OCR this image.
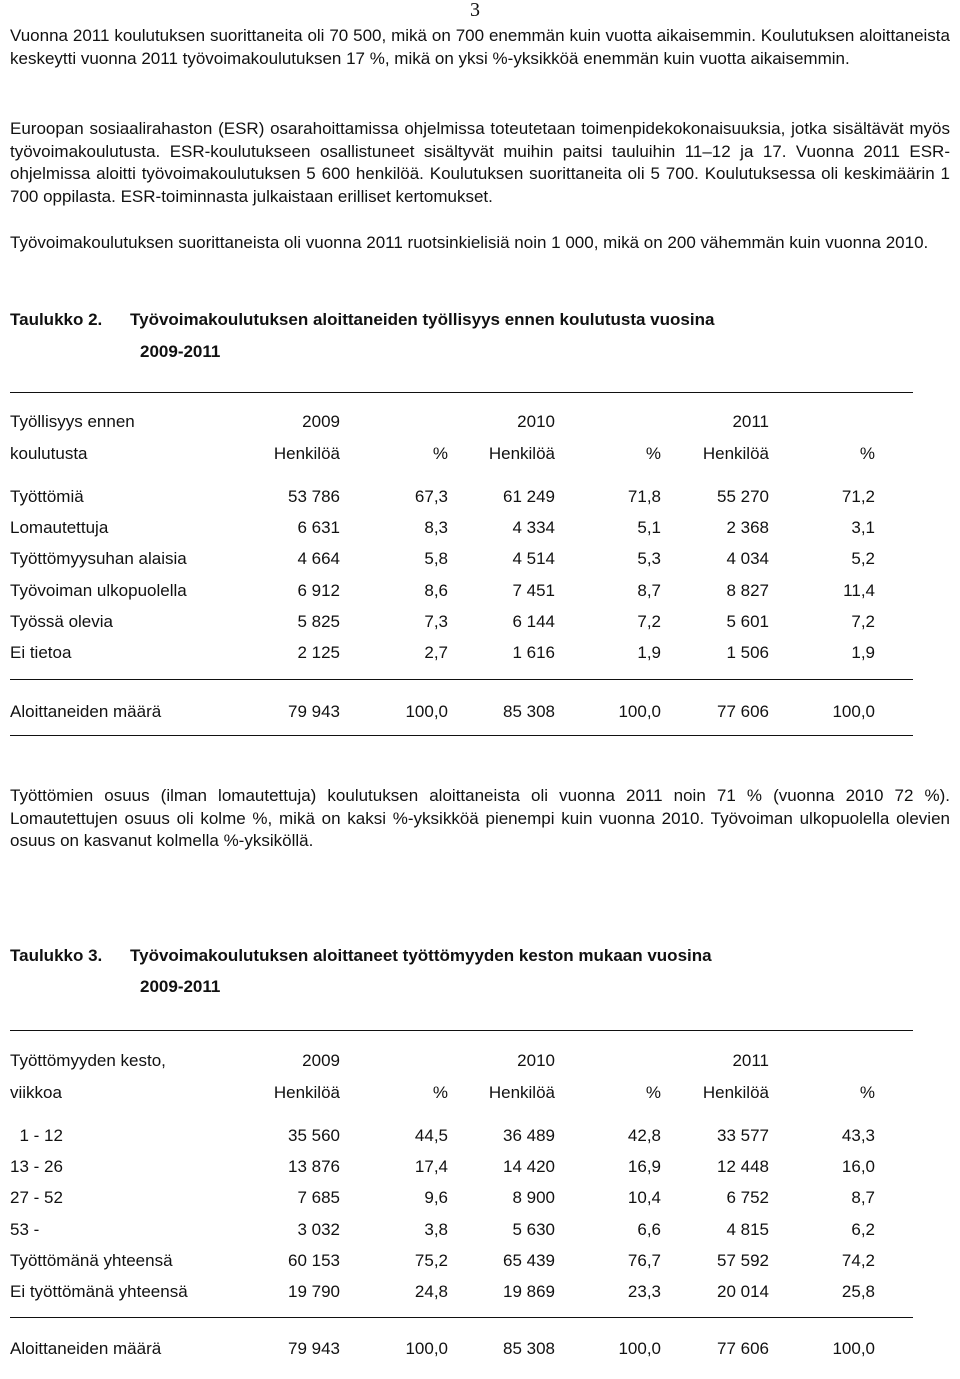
3
Vuonna 2011 koulutuksen suorittaneita oli 70 500, mikä on 700 enemmän kuin vuotta aikaisemmin. Koulutuksen aloittaneista keskeytti vuonna 2011 työvoimakoulutuksen 17 %, mikä on yksi %-yksikköä enemmän kuin vuotta aikaisemmin.
Euroopan sosiaalirahaston (ESR) osarahoittamissa ohjelmissa toteutetaan toimenpidekokonaisuuksia, jotka sisältävät myös työvoimakoulutusta. ESR-koulutukseen osallistuneet sisältyvät muihin paitsi tauluihin 11–12 ja 17. Vuonna 2011 ESR-ohjelmissa aloitti työvoimakoulutuksen 5 600 henkilöä. Koulutuksen suorittaneita oli 5 700. Koulutuksessa oli keskimäärin 1 700 oppilasta. ESR-toiminnasta julkaistaan erilliset kertomukset.
Työvoimakoulutuksen suorittaneista oli vuonna 2011 ruotsinkielisiä noin 1 000, mikä on 200 vähemmän kuin vuonna 2010.
Taulukko 2. Työvoimakoulutuksen aloittaneiden työllisyys ennen koulutusta vuosina
2009-2011
Työllisyys ennen	2009	2010	2011
koulutusta	Henkilöä	% Henkilöä	% Henkilöä	%
Työttömiä	53 786	67,3	61 249	71,8	55 270	71,2
Lomautettuja	6 631	8,3	4 334	5,1	2 368	3,1
Työttömyysuhan alaisia	4 664	5,8	4 514	5,3	4 034	5,2
Työvoiman ulkopuolella	6 912	8,6	7 451	8,7	8 827	11,4
Työssä olevia	5 825	7,3	6 144	7,2	5 601	7,2
Ei tietoa	2 125	2,7	1 616	1,9	1 506	1,9
Aloittaneiden määrä	79 943	100,0	85 308	100,0	77 606	100,0
Työttömien osuus (ilman lomautettuja) koulutuksen aloittaneista oli vuonna 2011 noin 71 % (vuonna 2010 72 %). Lomautettujen osuus oli kolme %, mikä on kaksi %-yksikköä pienempi kuin vuonna 2010. Työvoiman ulkopuolella olevien osuus on kasvanut kolmella %-yksiköllä.
Taulukko 3. Työvoimakoulutuksen aloittaneet työttömyyden keston mukaan vuosina
2009-2011
Työttömyyden kesto,	2009	2010	2011
viikkoa	Henkilöä	% Henkilöä	% Henkilöä	%
1 - 12	35 560	44,5	36 489	42,8	33 577	43,3
13 - 26	13 876	17,4	14 420	16,9	12 448	16,0
27 - 52	7 685	9,6	8 900	10,4	6 752	8,7
53 -	3 032	3,8	5 630	6,6	4 815	6,2
Työttömänä yhteensä	60 153	75,2	65 439	76,7	57 592	74,2
Ei työttömänä yhteensä	19 790	24,8	19 869	23,3	20 014	25,8
Aloittaneiden määrä	79 943	100,0	85 308	100,0	77 606	100,0
